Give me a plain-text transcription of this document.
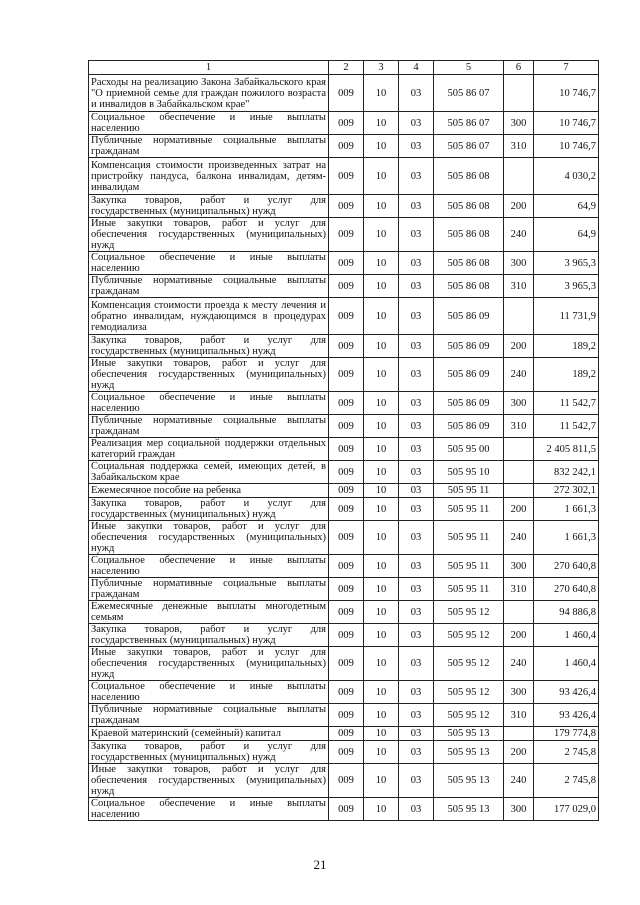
1	2	3	4	5	6	7
Расходы на реализацию Закона Забайкальского края "О приемной семье для граждан пожилого возраста и инвалидов в Забайкальском крае"	009	10	03	505 86 07		10 746,7
Социальное обеспечение и иные выплаты населению	009	10	03	505 86 07	300	10 746,7
Публичные нормативные социальные выплаты гражданам	009	10	03	505 86 07	310	10 746,7
Компенсация стоимости произведенных затрат на пристройку пандуса, балкона инвалидам, детям-инвалидам	009	10	03	505 86 08		4 030,2
Закупка товаров, работ и услуг для государственных (муниципальных) нужд	009	10	03	505 86 08	200	64,9
Иные закупки товаров, работ и услуг для обеспечения государственных (муниципальных) нужд	009	10	03	505 86 08	240	64,9
Социальное обеспечение и иные выплаты населению	009	10	03	505 86 08	300	3 965,3
Публичные нормативные социальные выплаты гражданам	009	10	03	505 86 08	310	3 965,3
Компенсация стоимости проезда к месту лечения и обратно инвалидам, нуждающимся в процедурах гемодиализа	009	10	03	505 86 09		11 731,9
Закупка товаров, работ и услуг для государственных (муниципальных) нужд	009	10	03	505 86 09	200	189,2
Иные закупки товаров, работ и услуг для обеспечения государственных (муниципальных) нужд	009	10	03	505 86 09	240	189,2
Социальное обеспечение и иные выплаты населению	009	10	03	505 86 09	300	11 542,7
Публичные нормативные социальные выплаты гражданам	009	10	03	505 86 09	310	11 542,7
Реализация мер социальной поддержки отдельных категорий граждан	009	10	03	505 95 00		2 405 811,5
Социальная поддержка семей, имеющих детей, в Забайкальском крае	009	10	03	505 95 10		832 242,1
Ежемесячное пособие на ребенка	009	10	03	505 95 11		272 302,1
Закупка товаров, работ и услуг для государственных (муниципальных) нужд	009	10	03	505 95 11	200	1 661,3
Иные закупки товаров, работ и услуг для обеспечения государственных (муниципальных) нужд	009	10	03	505 95 11	240	1 661,3
Социальное обеспечение и иные выплаты населению	009	10	03	505 95 11	300	270 640,8
Публичные нормативные социальные выплаты гражданам	009	10	03	505 95 11	310	270 640,8
Ежемесячные денежные выплаты многодетным семьям	009	10	03	505 95 12		94 886,8
Закупка товаров, работ и услуг для государственных (муниципальных) нужд	009	10	03	505 95 12	200	1 460,4
Иные закупки товаров, работ и услуг для обеспечения государственных (муниципальных) нужд	009	10	03	505 95 12	240	1 460,4
Социальное обеспечение и иные выплаты населению	009	10	03	505 95 12	300	93 426,4
Публичные нормативные социальные выплаты гражданам	009	10	03	505 95 12	310	93 426,4
Краевой материнский (семейный) капитал	009	10	03	505 95 13		179 774,8
Закупка товаров, работ и услуг для государственных (муниципальных) нужд	009	10	03	505 95 13	200	2 745,8
Иные закупки товаров, работ и услуг для обеспечения государственных (муниципальных) нужд	009	10	03	505 95 13	240	2 745,8
Социальное обеспечение и иные выплаты населению	009	10	03	505 95 13	300	177 029,0
21
